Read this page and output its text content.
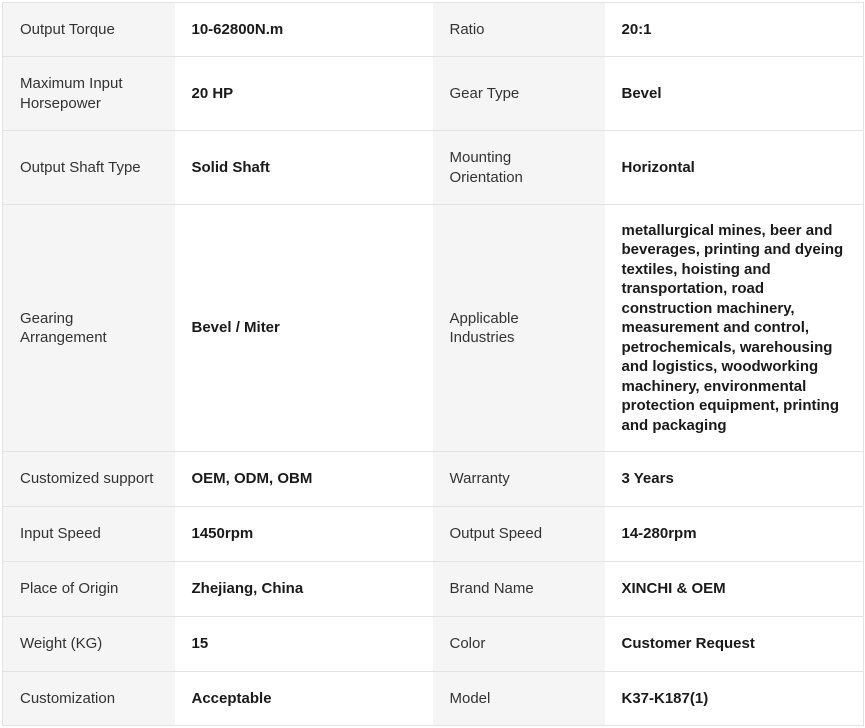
Output Torque	10-62800N.m	Ratio	20:1
Maximum Input Horsepower	20 HP	Gear Type	Bevel
Output Shaft Type	Solid Shaft	Mounting Orientation	Horizontal
Gearing Arrangement	Bevel / Miter	Applicable Industries	metallurgical mines, beer and beverages, printing and dyeing textiles, hoisting and transportation, road construction machinery, measurement and control, petrochemicals, warehousing and logistics, woodworking machinery, environmental protection equipment, printing and packaging
Customized support	OEM, ODM, OBM	Warranty	3 Years
Input Speed	1450rpm	Output Speed	14-280rpm
Place of Origin	Zhejiang, China	Brand Name	XINCHI & OEM
Weight (KG)	15	Color	Customer Request
Customization	Acceptable	Model	K37-K187(1)
